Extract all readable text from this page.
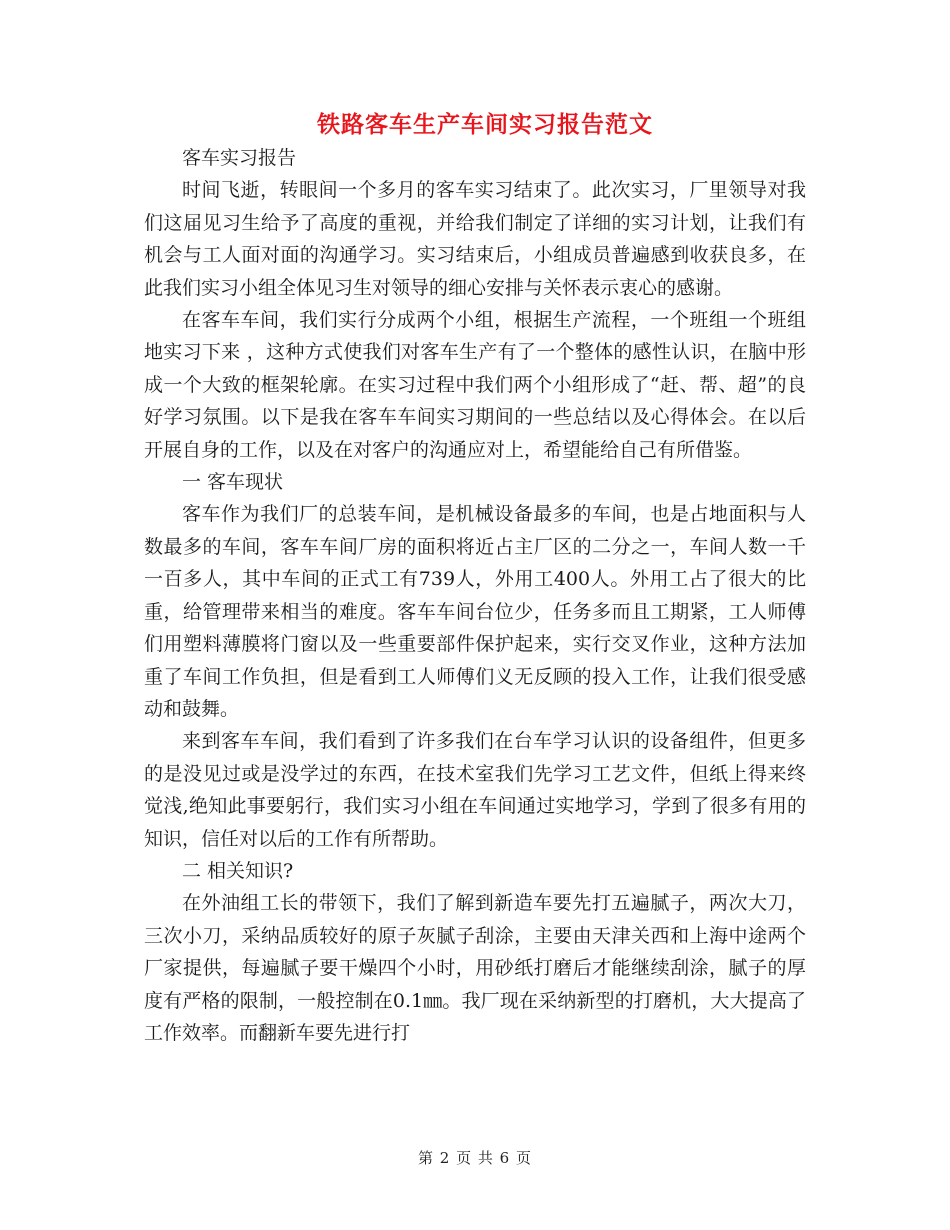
铁路客车生产车间实习报告范文

客车实习报告

时间飞逝，转眼间一个多月的客车实习结束了。此次实习，厂里领导对我们这届见习生给予了高度的重视，并给我们制定了详细的实习计划，让我们有机会与工人面对面的沟通学习。实习结束后，小组成员普遍感到收获良多，在此我们实习小组全体见习生对领导的细心安排与关怀表示衷心的感谢。

在客车车间，我们实行分成两个小组，根据生产流程，一个班组一个班组地实习下来 ，这种方式使我们对客车生产有了一个整体的感性认识，在脑中形成一个大致的框架轮廓。在实习过程中我们两个小组形成了“赶、帮、超”的良好学习氛围。以下是我在客车车间实习期间的一些总结以及心得体会。在以后开展自身的工作，以及在对客户的沟通应对上，希望能给自己有所借鉴。

一 客车现状

客车作为我们厂的总装车间，是机械设备最多的车间，也是占地面积与人数最多的车间，客车车间厂房的面积将近占主厂区的二分之一，车间人数一千一百多人，其中车间的正式工有739人，外用工400人。外用工占了很大的比重，给管理带来相当的难度。客车车间台位少，任务多而且工期紧，工人师傅们用塑料薄膜将门窗以及一些重要部件保护起来，实行交叉作业，这种方法加重了车间工作负担，但是看到工人师傅们义无反顾的投入工作，让我们很受感动和鼓舞。

来到客车车间，我们看到了许多我们在台车学习认识的设备组件，但更多的是没见过或是没学过的东西，在技术室我们先学习工艺文件，但纸上得来终觉浅,绝知此事要躬行，我们实习小组在车间通过实地学习，学到了很多有用的知识，信任对以后的工作有所帮助。

二 相关知识?

在外油组工长的带领下，我们了解到新造车要先打五遍腻子，两次大刀，三次小刀，采纳品质较好的原子灰腻子刮涂，主要由天津关西和上海中途两个厂家提供，每遍腻子要干燥四个小时，用砂纸打磨后才能继续刮涂，腻子的厚度有严格的限制，一般控制在0.1㎜。我厂现在采纳新型的打磨机，大大提高了工作效率。而翻新车要先进行打

第 2 页 共 6 页
